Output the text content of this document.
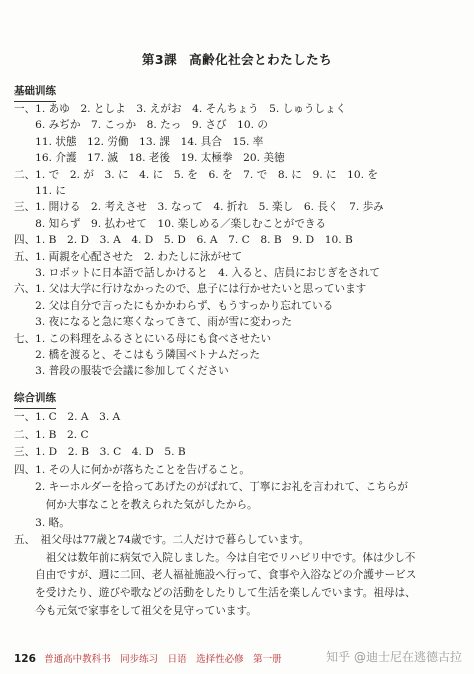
第3課 高齢化社会とわたしたち
基础训练
一、1. あゆ　2. としよ　3. えがお　4. そんちょう　5. しゅうしょく
　　6. みぢか　7. こっか　8. たっ　9. さび　10. の
　　11. 状態　12. 労働　13. 課　14. 具合　15. 率
　　16. 介護　17. 滅　18. 老後　19. 太極拳　20. 美徳
二、1. で　2. が　3. に　4. に　5. を　6. を　7. で　8. に　9. に　10. を
　　11. に
三、1. 開ける　2. 考えさせ　3. なって　4. 折れ　5. 楽し　6. 長く　7. 歩み
　　8. 知らず　9. 払わせて　10. 楽しめる／楽しむことができる
四、1. B　2. D　3. A　4. D　5. D　6. A　7. C　8. B　9. D　10. B
五、1. 両親を心配させた　2. わたしに泳がせて
　　3. ロボットに日本語で話しかけると　4. 入ると、店員におじぎをされて
六、1. 父は大学に行けなかったので、息子には行かせたいと思っています
　　2. 父は自分で言ったにもかかわらず、もうすっかり忘れている
　　3. 夜になると急に寒くなってきて、雨が雪に変わった
七、1. この料理をふるさとにいる母にも食べさせたい
　　2. 橋を渡ると、そこはもう隣国ベトナムだった
　　3. 普段の服装で会議に参加してください
综合训练
一、1. C　2. A　3. A
二、1. B　2. C
三、1. D　2. B　3. C　4. D　5. B
四、1. その人に何かが落ちたことを告げること。
　　2. キーホルダーを拾ってあげたのがばれて、丁寧にお礼を言われて、こちらが
　　　何か大事なことを教えられた気がしたから。
　　3. 略。
五、　祖父母は77歳と74歳です。二人だけで暮らしています。
　　　祖父は数年前に病気で入院しました。今は自宅でリハビリ中です。体は少し不
　　自由ですが、週に二回、老人福祉施設へ行って、食事や入浴などの介護サービス
　　を受けたり、遊びや歌などの活動をしたりして生活を楽しんでいます。祖母は、
　　今も元気で家事をして祖父を見守っています。
126 普通高中教科书　同步练习　日语　选择性必修　第一册	知乎 @迪士尼在逃德古拉
